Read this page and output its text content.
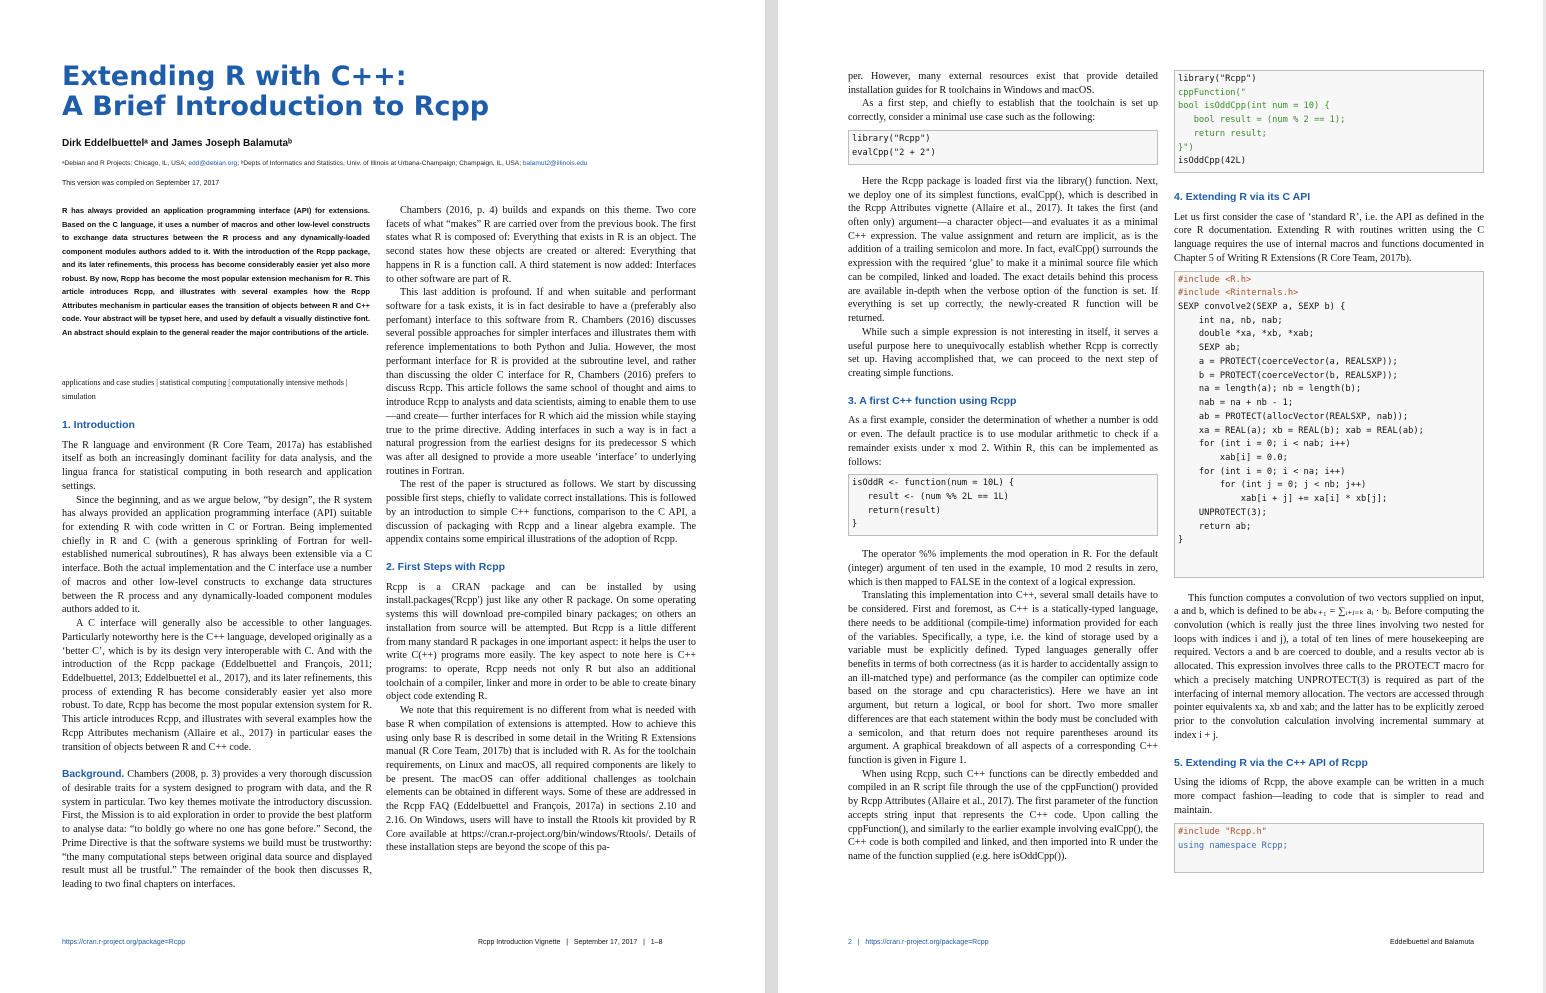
Extending R with C++:
A Brief Introduction to Rcpp
Dirk Eddelbuettelᵃ and James Joseph Balamutaᵇ
ᵃDebian and R Projects; Chicago, IL, USA; edd@debian.org; ᵇDepts of Informatics and Statistics, Univ. of Illinois at Urbana-Champaign; Champaign, IL, USA; balamut2@illinois.edu
This version was compiled on September 17, 2017
R has always provided an application programming interface (API) for extensions. Based on the C language, it uses a number of macros and other low-level constructs to exchange data structures between the R process and any dynamically-loaded component modules authors added to it. With the introduction of the Rcpp package, and its later refinements, this process has become considerably easier yet also more robust. By now, Rcpp has become the most popular extension mechanism for R. This article introduces Rcpp, and illustrates with several examples how the Rcpp Attributes mechanism in particular eases the transition of objects between R and C++ code. Your abstract will be typset here, and used by default a visually distinctive font. An abstract should explain to the general reader the major contributions of the article.
applications and case studies | statistical computing | computationally intensive methods | simulation
1. Introduction

The R language and environment (R Core Team, 2017a) has established itself as both an increasingly dominant facility for data analysis, and the lingua franca for statistical computing in both research and application settings.

Since the beginning, and as we argue below, “by design”, the R system has always provided an application programming interface (API) suitable for extending R with code written in C or Fortran. Being implemented chiefly in R and C (with a generous sprinkling of Fortran for well-established numerical subroutines), R has always been extensible via a C interface. Both the actual implementation and the C interface use a number of macros and other low-level constructs to exchange data structures between the R process and any dynamically-loaded component modules authors added to it.

A C interface will generally also be accessible to other languages. Particularly noteworthy here is the C++ language, developed originally as a ‘better C’, which is by its design very interoperable with C. And with the introduction of the Rcpp package (Eddelbuettel and François, 2011; Eddelbuettel, 2013; Eddelbuettel et al., 2017), and its later refinements, this process of extending R has become considerably easier yet also more robust. To date, Rcpp has become the most popular extension system for R. This article introduces Rcpp, and illustrates with several examples how the Rcpp Attributes mechanism (Allaire et al., 2017) in particular eases the transition of objects between R and C++ code.

Background. Chambers (2008, p. 3) provides a very thorough discussion of desirable traits for a system designed to program with data, and the R system in particular. Two key themes motivate the introductory discussion. First, the Mission is to aid exploration in order to provide the best platform to analyse data: “to boldly go where no one has gone before.” Second, the Prime Directive is that the software systems we build must be trustworthy: “the many computational steps between original data source and displayed result must all be trustful.” The remainder of the book then discusses R, leading to two final chapters on interfaces.

Chambers (2016, p. 4) builds and expands on this theme. Two core facets of what “makes” R are carried over from the previous book. The first states what R is composed of: Everything that exists in R is an object. The second states how these objects are created or altered: Everything that happens in R is a function call. A third statement is now added: Interfaces to other software are part of R.

This last addition is profound. If and when suitable and performant software for a task exists, it is in fact desirable to have a (preferably also perfomant) interface to this software from R. Chambers (2016) discusses several possible approaches for simpler interfaces and illustrates them with reference implementations to both Python and Julia. However, the most performant interface for R is provided at the subroutine level, and rather than discussing the older C interface for R, Chambers (2016) prefers to discuss Rcpp. This article follows the same school of thought and aims to introduce Rcpp to analysts and data scientists, aiming to enable them to use—and create— further interfaces for R which aid the mission while staying true to the prime directive. Adding interfaces in such a way is in fact a natural progression from the earliest designs for its predecessor S which was after all designed to provide a more useable ‘interface’ to underlying routines in Fortran.

The rest of the paper is structured as follows. We start by discussing possible first steps, chiefly to validate correct installations. This is followed by an introduction to simple C++ functions, comparison to the C API, a discussion of packaging with Rcpp and a linear algebra example. The appendix contains some empirical illustrations of the adoption of Rcpp.

2. First Steps with Rcpp

Rcpp is a CRAN package and can be installed by using install.packages('Rcpp') just like any other R package. On some operating systems this will download pre-compiled binary packages; on others an installation from source will be attempted. But Rcpp is a little different from many standard R packages in one important aspect: it helps the user to write C(++) programs more easily. The key aspect to note here is C++ programs: to operate, Rcpp needs not only R but also an additional toolchain of a compiler, linker and more in order to be able to create binary object code extending R.

We note that this requirement is no different from what is needed with base R when compilation of extensions is attempted. How to achieve this using only base R is described in some detail in the Writing R Extensions manual (R Core Team, 2017b) that is included with R. As for the toolchain requirements, on Linux and macOS, all required components are likely to be present. The macOS can offer additional challenges as toolchain elements can be obtained in different ways. Some of these are addressed in the Rcpp FAQ (Eddelbuettel and François, 2017a) in sections 2.10 and 2.16. On Windows, users will have to install the Rtools kit provided by R Core available at https://cran.r-project.org/bin/windows/Rtools/. Details of these installation steps are beyond the scope of this pa-

https://cran.r-project.org/package=Rcpp	Rcpp Introduction Vignette   |   September 17, 2017   |   1–8

per. However, many external resources exist that provide detailed installation guides for R toolchains in Windows and macOS.

As a first step, and chiefly to establish that the toolchain is set up correctly, consider a minimal use case such as the following:

library("Rcpp")
evalCpp("2 + 2")

Here the Rcpp package is loaded first via the library() function. Next, we deploy one of its simplest functions, evalCpp(), which is described in the Rcpp Attributes vignette (Allaire et al., 2017). It takes the first (and often only) argument—a character object—and evaluates it as a minimal C++ expression. The value assignment and return are implicit, as is the addition of a trailing semicolon and more. In fact, evalCpp() surrounds the expression with the required ‘glue’ to make it a minimal source file which can be compiled, linked and loaded. The exact details behind this process are available in-depth when the verbose option of the function is set. If everything is set up correctly, the newly-created R function will be returned.

While such a simple expression is not interesting in itself, it serves a useful purpose here to unequivocally establish whether Rcpp is correctly set up. Having accomplished that, we can proceed to the next step of creating simple functions.

3. A first C++ function using Rcpp

As a first example, consider the determination of whether a number is odd or even. The default practice is to use modular arithmetic to check if a remainder exists under x mod 2. Within R, this can be implemented as follows:

isOddR <- function(num = 10L) {
result <- (num %% 2L == 1L)
return(result)
}

The operator %% implements the mod operation in R. For the default (integer) argument of ten used in the example, 10 mod 2 results in zero, which is then mapped to FALSE in the context of a logical expression.

Translating this implementation into C++, several small details have to be considered. First and foremost, as C++ is a statically-typed language, there needs to be additional (compile-time) information provided for each of the variables. Specifically, a type, i.e. the kind of storage used by a variable must be explicitly defined. Typed languages generally offer benefits in terms of both correctness (as it is harder to accidentally assign to an ill-matched type) and performance (as the compiler can optimize code based on the storage and cpu characteristics). Here we have an int argument, but return a logical, or bool for short. Two more smaller differences are that each statement within the body must be concluded with a semicolon, and that return does not require parentheses around its argument. A graphical breakdown of all aspects of a corresponding C++ function is given in Figure 1.

When using Rcpp, such C++ functions can be directly embedded and compiled in an R script file through the use of the cppFunction() provided by Rcpp Attributes (Allaire et al., 2017). The first parameter of the function accepts string input that represents the C++ code. Upon calling the cppFunction(), and similarly to the earlier example involving evalCpp(), the C++ code is both compiled and linked, and then imported into R under the name of the function supplied (e.g. here isOddCpp()).

library("Rcpp")
cppFunction("
bool isOddCpp(int num = 10) {
bool result = (num % 2 == 1);
return result;
}")
isOddCpp(42L)
4. Extending R via its C API

Let us first consider the case of ‘standard R’, i.e. the API as defined in the core R documentation. Extending R with routines written using the C language requires the use of internal macros and functions documented in Chapter 5 of Writing R Extensions (R Core Team, 2017b).

#include <R.h>
#include <Rinternals.h>
SEXP convolve2(SEXP a, SEXP b) {
int na, nb, nab;
double *xa, *xb, *xab;
SEXP ab;
a = PROTECT(coerceVector(a, REALSXP));
b = PROTECT(coerceVector(b, REALSXP));
na = length(a); nb = length(b);
nab = na + nb - 1;
ab = PROTECT(allocVector(REALSXP, nab));
xa = REAL(a); xb = REAL(b); xab = REAL(ab);
for (int i = 0; i < nab; i++)
xab[i] = 0.0;
for (int i = 0; i < na; i++)
for (int j = 0; j < nb; j++)
xab[i + j] += xa[i] * xb[j];
UNPROTECT(3);
return ab;
}

This function computes a convolution of two vectors supplied on input, a and b, which is defined to be abₖ₊₁ = ∑ᵢ₊ⱼ₌ₖ aᵢ · bⱼ. Before computing the convolution (which is really just the three lines involving two nested for loops with indices i and j), a total of ten lines of mere housekeeping are required. Vectors a and b are coerced to double, and a results vector ab is allocated. This expression involves three calls to the PROTECT macro for which a precisely matching UNPROTECT(3) is required as part of the interfacing of internal memory allocation. The vectors are accessed through pointer equivalents xa, xb and xab; and the latter has to be explicitly zeroed prior to the convolution calculation involving incremental summary at index i + j.

5. Extending R via the C++ API of Rcpp

Using the idioms of Rcpp, the above example can be written in a much more compact fashion—leading to code that is simpler to read and maintain.

#include "Rcpp.h"
using namespace Rcpp;
2   |   https://cran.r-project.org/package=Rcpp	Eddelbuettel and Balamuta
